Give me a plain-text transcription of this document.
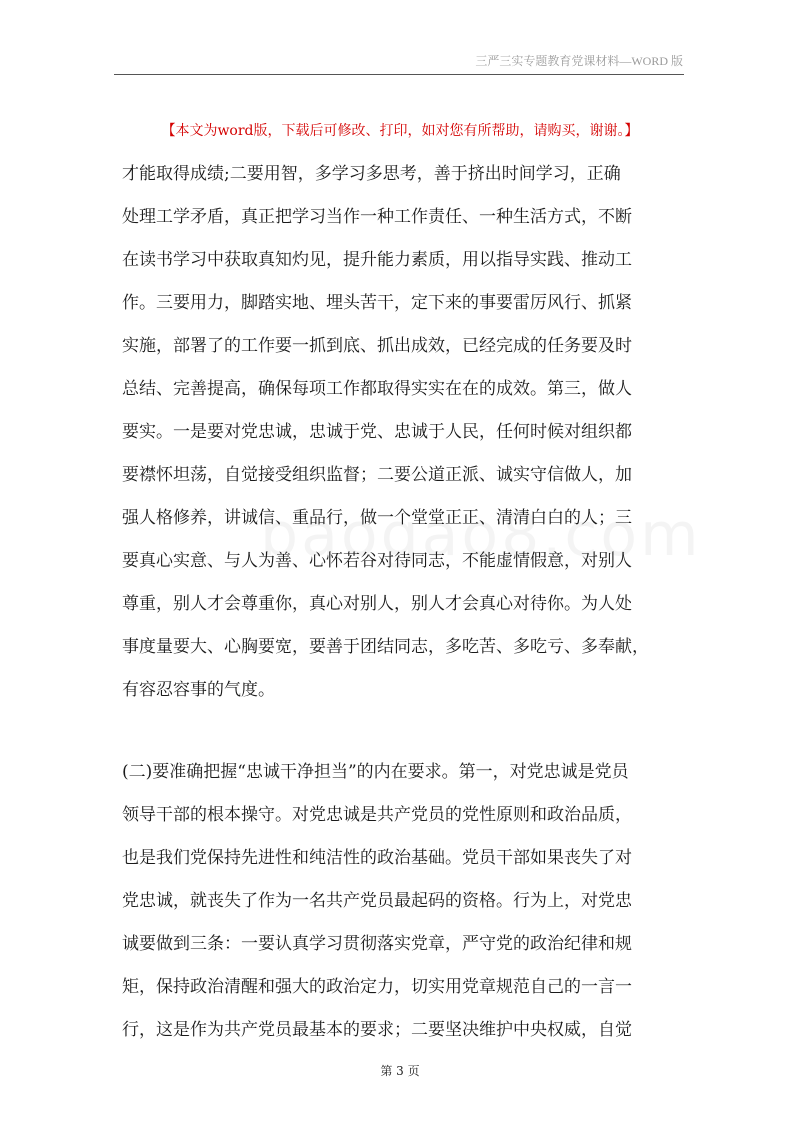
三严三实专题教育党课材料—WORD 版
【本文为word版，下载后可修改、打印，如对您有所帮助，请购买，谢谢。】
才能取得成绩;二要用智，多学习多思考，善于挤出时间学习，正确
处理工学矛盾，真正把学习当作一种工作责任、一种生活方式，不断
在读书学习中获取真知灼见，提升能力素质，用以指导实践、推动工
作。三要用力，脚踏实地、埋头苦干，定下来的事要雷厉风行、抓紧
实施，部署了的工作要一抓到底、抓出成效，已经完成的任务要及时
总结、完善提高，确保每项工作都取得实实在在的成效。第三，做人
要实。一是要对党忠诚，忠诚于党、忠诚于人民，任何时候对组织都
要襟怀坦荡，自觉接受组织监督；二要公道正派、诚实守信做人，加
强人格修养，讲诚信、重品行，做一个堂堂正正、清清白白的人；三
要真心实意、与人为善、心怀若谷对待同志，不能虚情假意，对别人
尊重，别人才会尊重你，真心对别人，别人才会真心对待你。为人处
事度量要大、心胸要宽，要善于团结同志，多吃苦、多吃亏、多奉献，
有容忍容事的气度。
(二)要准确把握“忠诚干净担当”的内在要求。第一，对党忠诚是党员
领导干部的根本操守。对党忠诚是共产党员的党性原则和政治品质，
也是我们党保持先进性和纯洁性的政治基础。党员干部如果丧失了对
党忠诚，就丧失了作为一名共产党员最起码的资格。行为上，对党忠
诚要做到三条：一要认真学习贯彻落实党章，严守党的政治纪律和规
矩，保持政治清醒和强大的政治定力，切实用党章规范自己的一言一
行，这是作为共产党员最基本的要求；二要坚决维护中央权威，自觉
第 3 页
